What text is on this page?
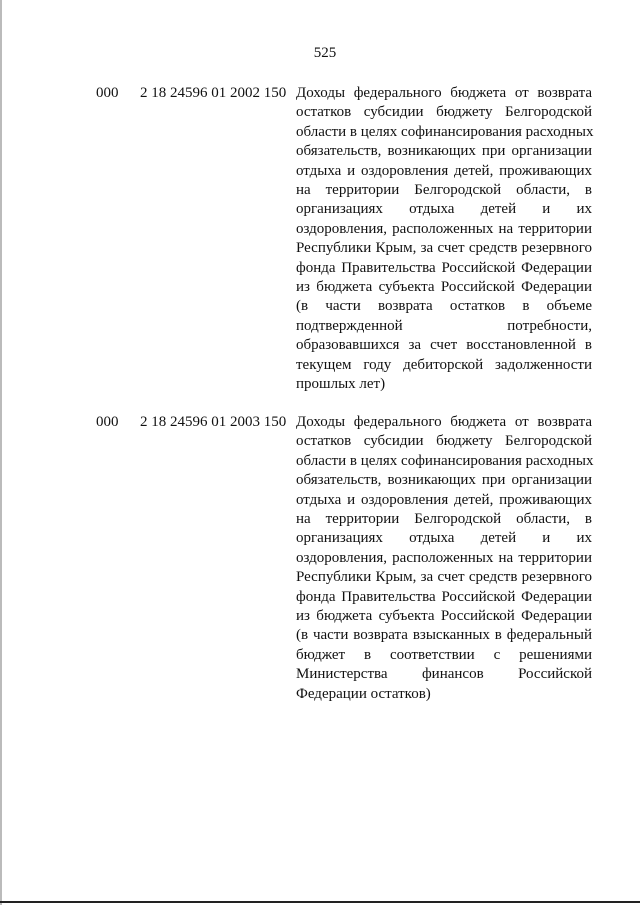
525
000 2 18 24596 01 2002 150 Доходы федерального бюджета от возврата
остатков субсидии бюджету Белгородской
области в целях софинансирования расходных
обязательств, возникающих при организации
отдыха и оздоровления детей, проживающих
на территории Белгородской области, в
организациях отдыха детей и их
оздоровления, расположенных на территории
Республики Крым, за счет средств резервного
фонда Правительства Российской Федерации
из бюджета субъекта Российской Федерации
(в части возврата остатков в объеме
подтвержденной потребности,
образовавшихся за счет восстановленной в
текущем году дебиторской задолженности
прошлых лет)
000 2 18 24596 01 2003 150 Доходы федерального бюджета от возврата
остатков субсидии бюджету Белгородской
области в целях софинансирования расходных
обязательств, возникающих при организации
отдыха и оздоровления детей, проживающих
на территории Белгородской области, в
организациях отдыха детей и их
оздоровления, расположенных на территории
Республики Крым, за счет средств резервного
фонда Правительства Российской Федерации
из бюджета субъекта Российской Федерации
(в части возврата взысканных в федеральный
бюджет в соответствии с решениями
Министерства финансов Российской
Федерации остатков)
